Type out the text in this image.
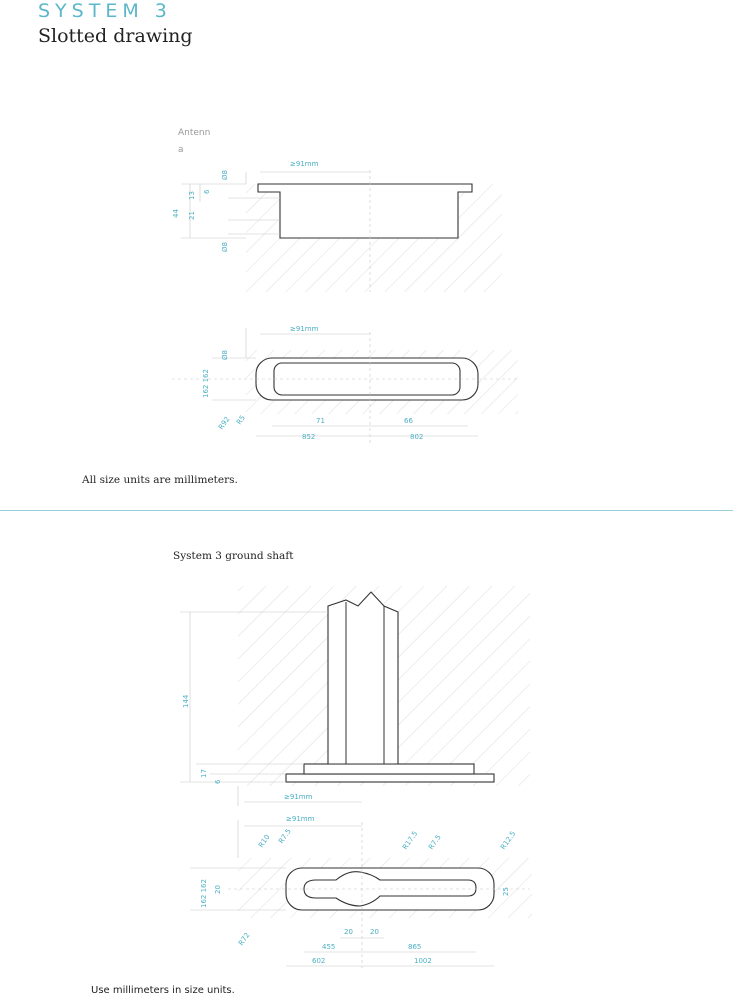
SYSTEM 3
Slotted drawing
Antenn
a
≥91mm
Ø8
13 6
21
44
Ø8
≥91mm
Ø8
162 162
R92 R5	71	66
852	802

All size units are millimeters.

System 3 ground shaft

144
17
6
≥91mm
≥91mm
R10 R7.5	R17.5 R7.5	R12.5
162 162 20	25
R72	20 20
455	865
602	1002

Use millimeters in size units.
